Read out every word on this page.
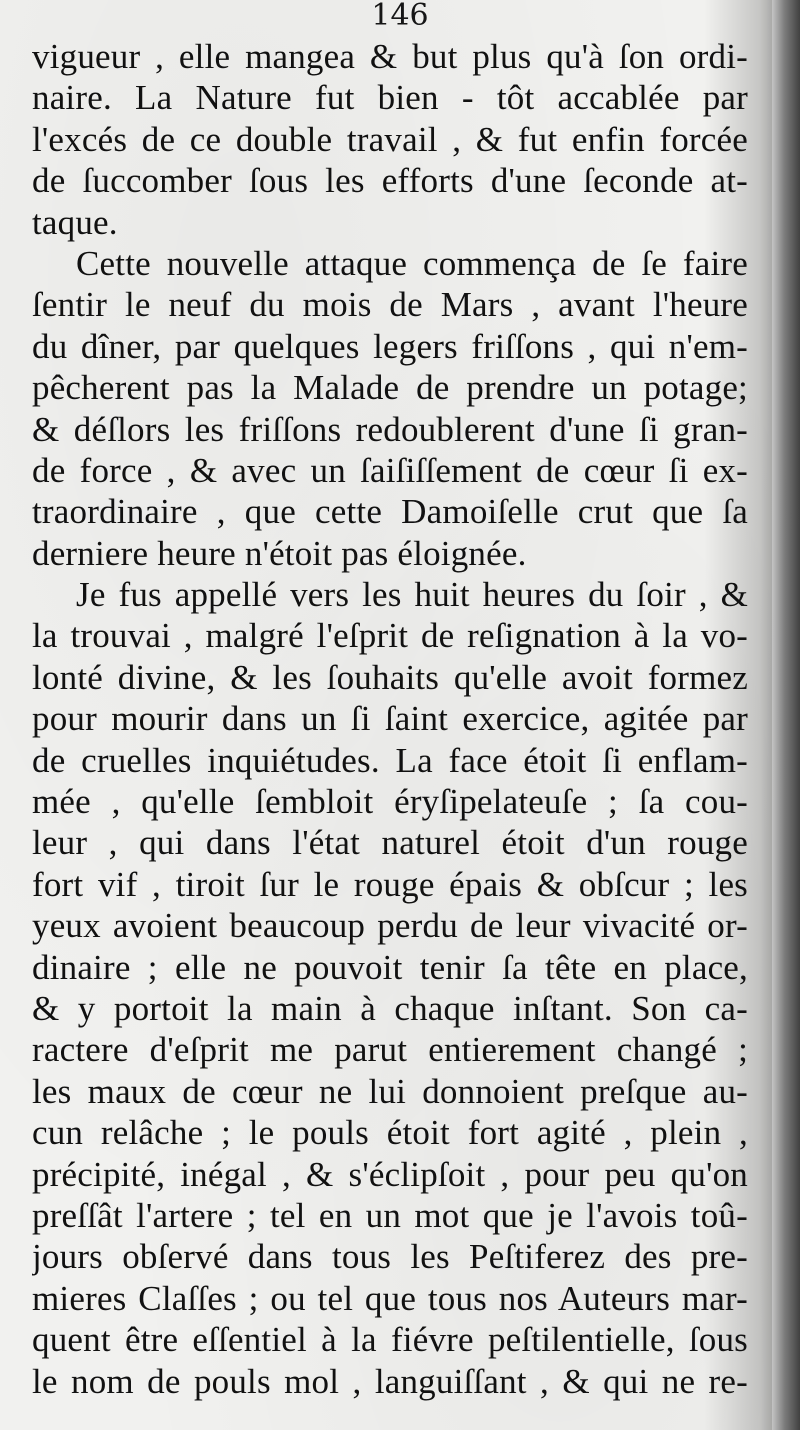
146
vigueur , elle mangea & but plus qu'à ſon ordi-
naire. La Nature fut bien - tôt accablée par
l'excés de ce double travail , & fut enfin forcée
de ſuccomber ſous les efforts d'une ſeconde at-
taque.
Cette nouvelle attaque commença de ſe faire
ſentir le neuf du mois de Mars , avant l'heure
du dîner, par quelques legers friſſons , qui n'em-
pêcherent pas la Malade de prendre un potage;
& déſlors les friſſons redoublerent d'une ſi gran-
de force , & avec un ſaiſiſſement de cœur ſi ex-
traordinaire , que cette Damoiſelle crut que ſa
derniere heure n'étoit pas éloignée.
Je fus appellé vers les huit heures du ſoir , &
la trouvai , malgré l'eſprit de reſignation à la vo-
lonté divine, & les ſouhaits qu'elle avoit formez
pour mourir dans un ſi ſaint exercice, agitée par
de cruelles inquiétudes. La face étoit ſi enflam-
mée , qu'elle ſembloit éryſipelateuſe ; ſa cou-
leur , qui dans l'état naturel étoit d'un rouge
fort vif , tiroit ſur le rouge épais & obſcur ; les
yeux avoient beaucoup perdu de leur vivacité or-
dinaire ; elle ne pouvoit tenir ſa tête en place,
& y portoit la main à chaque inſtant. Son ca-
ractere d'eſprit me parut entierement changé ;
les maux de cœur ne lui donnoient preſque au-
cun relâche ; le pouls étoit fort agité , plein ,
précipité, inégal , & s'éclipſoit , pour peu qu'on
preſſât l'artere ; tel en un mot que je l'avois toû-
jours obſervé dans tous les Peſtiferez des pre-
mieres Claſſes ; ou tel que tous nos Auteurs mar-
quent être eſſentiel à la fiévre peſtilentielle, ſous
le nom de pouls mol , languiſſant , & qui ne re-
